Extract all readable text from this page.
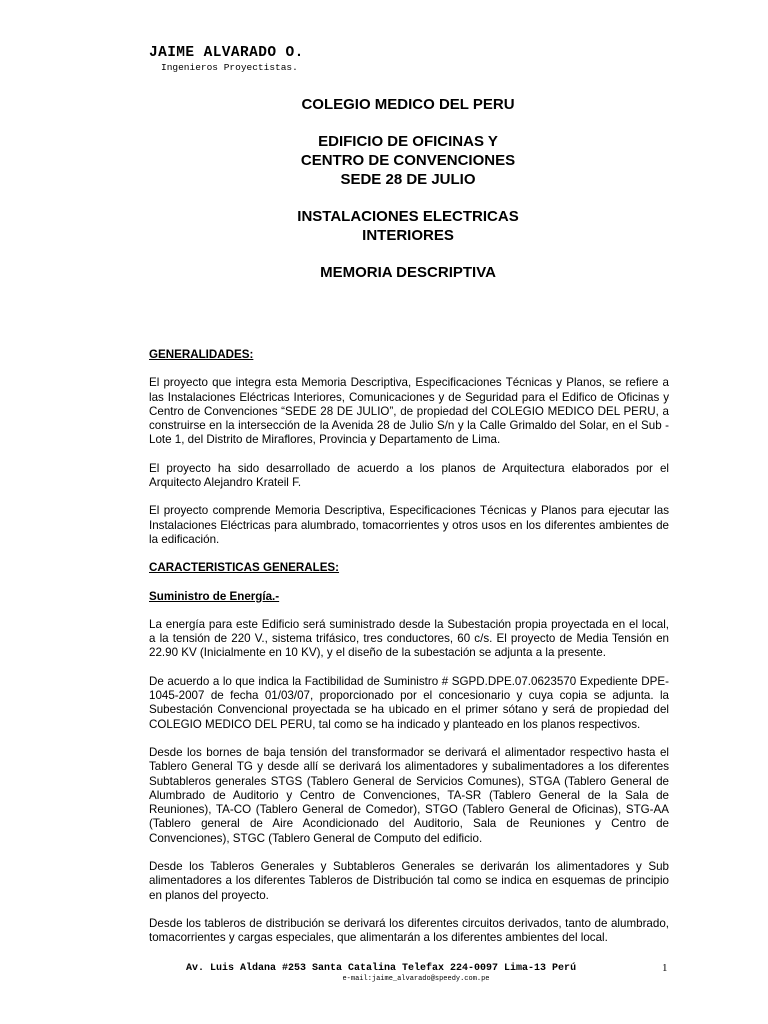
JAIME ALVARADO O.
Ingenieros Proyectistas.
COLEGIO MEDICO DEL PERU
EDIFICIO DE OFICINAS Y
CENTRO DE CONVENCIONES
SEDE 28 DE JULIO
INSTALACIONES ELECTRICAS
INTERIORES
MEMORIA DESCRIPTIVA
GENERALIDADES:

El proyecto que integra esta Memoria Descriptiva, Especificaciones Técnicas y Planos, se refiere a las Instalaciones Eléctricas Interiores, Comunicaciones y de Seguridad para el Edifico de Oficinas y Centro de Convenciones “SEDE 28 DE JULIO”, de propiedad del COLEGIO MEDICO DEL PERU, a construirse en la intersección de la Avenida 28 de Julio S/n y la Calle Grimaldo del Solar, en el Sub - Lote 1, del Distrito de Miraflores, Provincia y Departamento de Lima.

El proyecto ha sido desarrollado de acuerdo a los planos de Arquitectura elaborados por el Arquitecto Alejandro Krateil F.

El proyecto comprende Memoria Descriptiva, Especificaciones Técnicas y Planos para ejecutar las Instalaciones Eléctricas para alumbrado, tomacorrientes y otros usos en los diferentes ambientes de la edificación.

CARACTERISTICAS GENERALES:
Suministro de Energía.-

La energía para este Edificio será suministrado desde la Subestación propia proyectada en el local, a la tensión de 220 V., sistema trifásico, tres conductores, 60 c/s. El proyecto de Media Tensión en 22.90 KV (Inicialmente en 10 KV), y el diseño de la subestación se adjunta a la presente.

De acuerdo a lo que indica la Factibilidad de Suministro # SGPD.DPE.07.0623570 Expediente DPE-1045-2007 de fecha 01/03/07, proporcionado por el concesionario y cuya copia se adjunta. la Subestación Convencional proyectada se ha ubicado en el primer sótano y será de propiedad del COLEGIO MEDICO DEL PERU, tal como se ha indicado y planteado en los planos respectivos.

Desde los bornes de baja tensión del transformador se derivará el alimentador respectivo hasta el Tablero General TG y desde allí se derivará los alimentadores y subalimentadores a los diferentes Subtableros generales STGS (Tablero General de Servicios Comunes), STGA (Tablero General de Alumbrado de Auditorio y Centro de Convenciones, TA-SR (Tablero General de la Sala de Reuniones), TA-CO (Tablero General de Comedor), STGO (Tablero General de Oficinas), STG-AA (Tablero general de Aire Acondicionado del Auditorio, Sala de Reuniones y Centro de Convenciones), STGC (Tablero General de Computo del edificio.

Desde los Tableros Generales y Subtableros Generales se derivarán los alimentadores y Sub alimentadores a los diferentes Tableros de Distribución tal como se indica en esquemas de principio en planos del proyecto.

Desde los tableros de distribución se derivará los diferentes circuitos derivados, tanto de alumbrado, tomacorrientes y cargas especiales, que alimentarán a los diferentes ambientes del local.

Av. Luis Aldana #253 Santa Catalina Telefax 224-0097 Lima-13 Perú
e-mail:jaime_alvarado@speedy.com.pe
1
